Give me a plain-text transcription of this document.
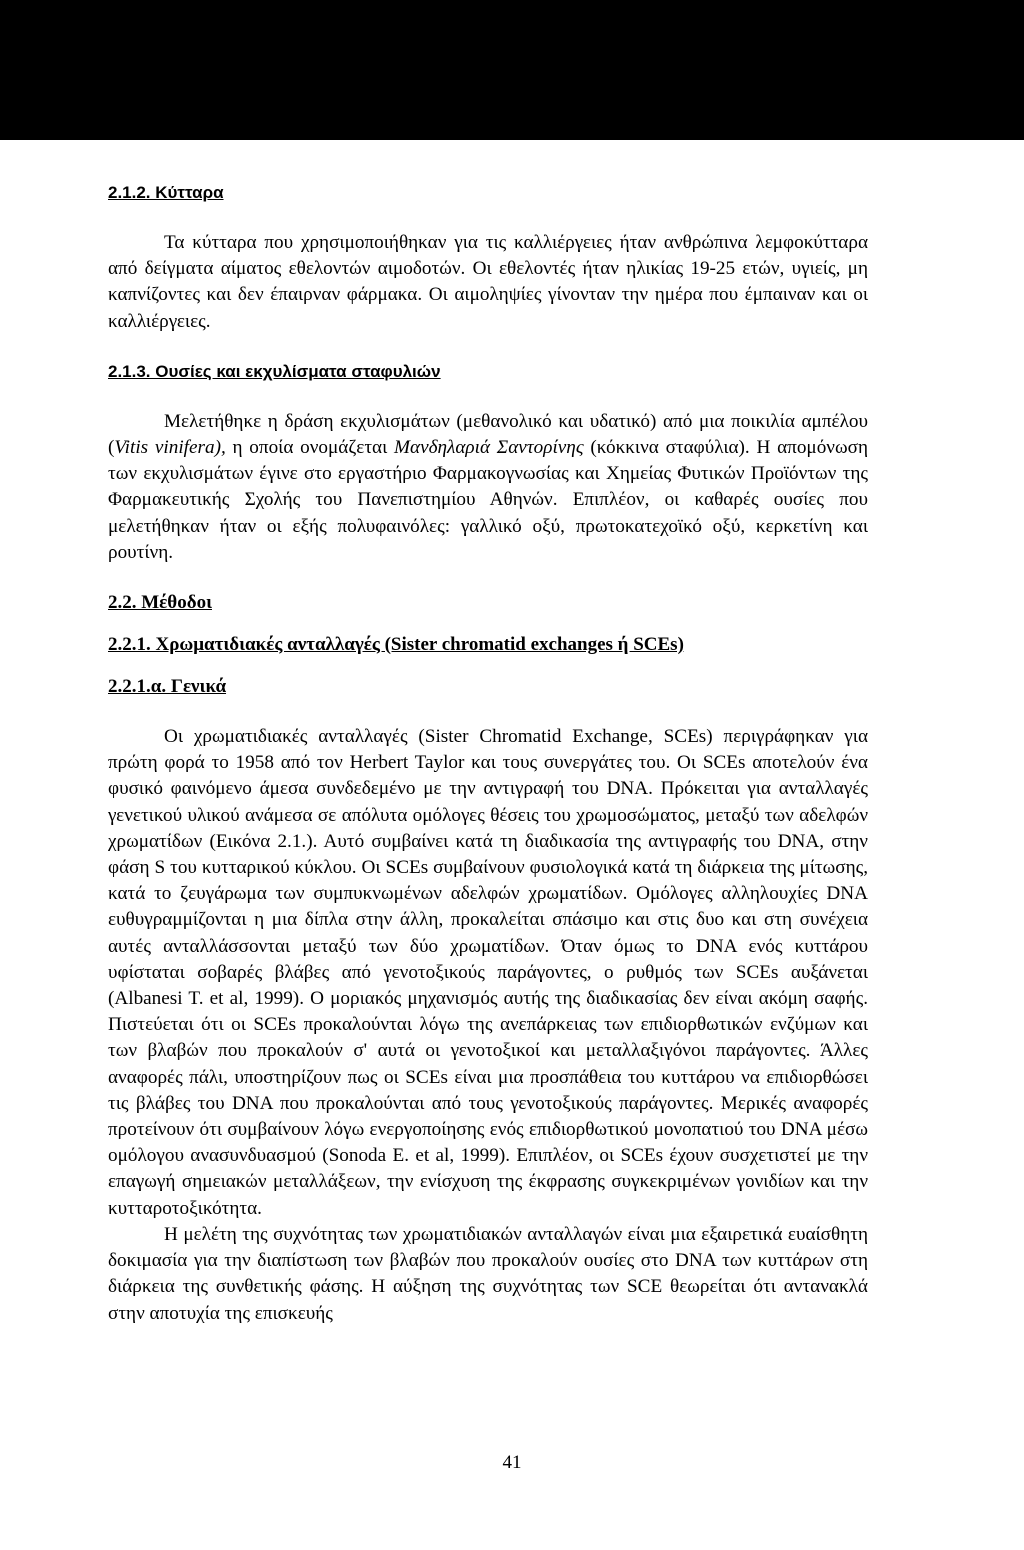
2.1.2. Κύτταρα

Τα κύτταρα που χρησιμοποιήθηκαν για τις καλλιέργειες ήταν ανθρώπινα λεμφοκύτταρα από δείγματα αίματος εθελοντών αιμοδοτών. Οι εθελοντές ήταν ηλικίας 19-25 ετών, υγιείς, μη καπνίζοντες και δεν έπαιρναν φάρμακα. Οι αιμοληψίες γίνονταν την ημέρα που έμπαιναν και οι καλλιέργειες.

2.1.3. Ουσίες και εκχυλίσματα σταφυλιών

Μελετήθηκε η δράση εκχυλισμάτων (μεθανολικό και υδατικό) από μια ποικιλία αμπέλου (Vitis vinifera), η οποία ονομάζεται Μανδηλαριά Σαντορίνης (κόκκινα σταφύλια). Η απομόνωση των εκχυλισμάτων έγινε στο εργαστήριο Φαρμακογνωσίας και Χημείας Φυτικών Προϊόντων της Φαρμακευτικής Σχολής του Πανεπιστημίου Αθηνών. Επιπλέον, οι καθαρές ουσίες που μελετήθηκαν ήταν οι εξής πολυφαινόλες: γαλλικό οξύ, πρωτοκατεχοϊκό οξύ, κερκετίνη και ρουτίνη.

2.2. Μέθοδοι
2.2.1. Χρωματιδιακές ανταλλαγές (Sister chromatid exchanges ή SCEs)
2.2.1.α. Γενικά

Οι χρωματιδιακές ανταλλαγές (Sister Chromatid Exchange, SCEs) περιγράφηκαν για πρώτη φορά το 1958 από τον Herbert Taylor και τους συνεργάτες του. Οι SCEs αποτελούν ένα φυσικό φαινόμενο άμεσα συνδεδεμένο με την αντιγραφή του DNA. Πρόκειται για ανταλλαγές γενετικού υλικού ανάμεσα σε απόλυτα ομόλογες θέσεις του χρωμοσώματος, μεταξύ των αδελφών χρωματίδων (Εικόνα 2.1.). Αυτό συμβαίνει κατά τη διαδικασία της αντιγραφής του DNA, στην φάση S του κυτταρικού κύκλου. Οι SCEs συμβαίνουν φυσιολογικά κατά τη διάρκεια της μίτωσης, κατά το ζευγάρωμα των συμπυκνωμένων αδελφών χρωματίδων. Ομόλογες αλληλουχίες DNA ευθυγραμμίζονται η μια δίπλα στην άλλη, προκαλείται σπάσιμο και στις δυο και στη συνέχεια αυτές ανταλλάσσονται μεταξύ των δύο χρωματίδων. Όταν όμως το DNA ενός κυττάρου υφίσταται σοβαρές βλάβες από γενοτοξικούς παράγοντες, ο ρυθμός των SCEs αυξάνεται (Albanesi T. et al, 1999). Ο μοριακός μηχανισμός αυτής της διαδικασίας δεν είναι ακόμη σαφής. Πιστεύεται ότι οι SCEs προκαλούνται λόγω της ανεπάρκειας των επιδιορθωτικών ενζύμων και των βλαβών που προκαλούν σ' αυτά οι γενοτοξικοί και μεταλλαξιγόνοι παράγοντες. Άλλες αναφορές πάλι, υποστηρίζουν πως οι SCEs είναι μια προσπάθεια του κυττάρου να επιδιορθώσει τις βλάβες του DNA που προκαλούνται από τους γενοτοξικούς παράγοντες. Μερικές αναφορές προτείνουν ότι συμβαίνουν λόγω ενεργοποίησης ενός επιδιορθωτικού μονοπατιού του DNA μέσω ομόλογου ανασυνδυασμού (Sonoda E. et al, 1999). Επιπλέον, οι SCEs έχουν συσχετιστεί με την επαγωγή σημειακών μεταλλάξεων, την ενίσχυση της έκφρασης συγκεκριμένων γονιδίων και την κυτταροτοξικότητα.

Η μελέτη της συχνότητας των χρωματιδιακών ανταλλαγών είναι μια εξαιρετικά ευαίσθητη δοκιμασία για την διαπίστωση των βλαβών που προκαλούν ουσίες στο DNA των κυττάρων στη διάρκεια της συνθετικής φάσης. Η αύξηση της συχνότητας των SCE θεωρείται ότι αντανακλά στην αποτυχία της επισκευής

41
